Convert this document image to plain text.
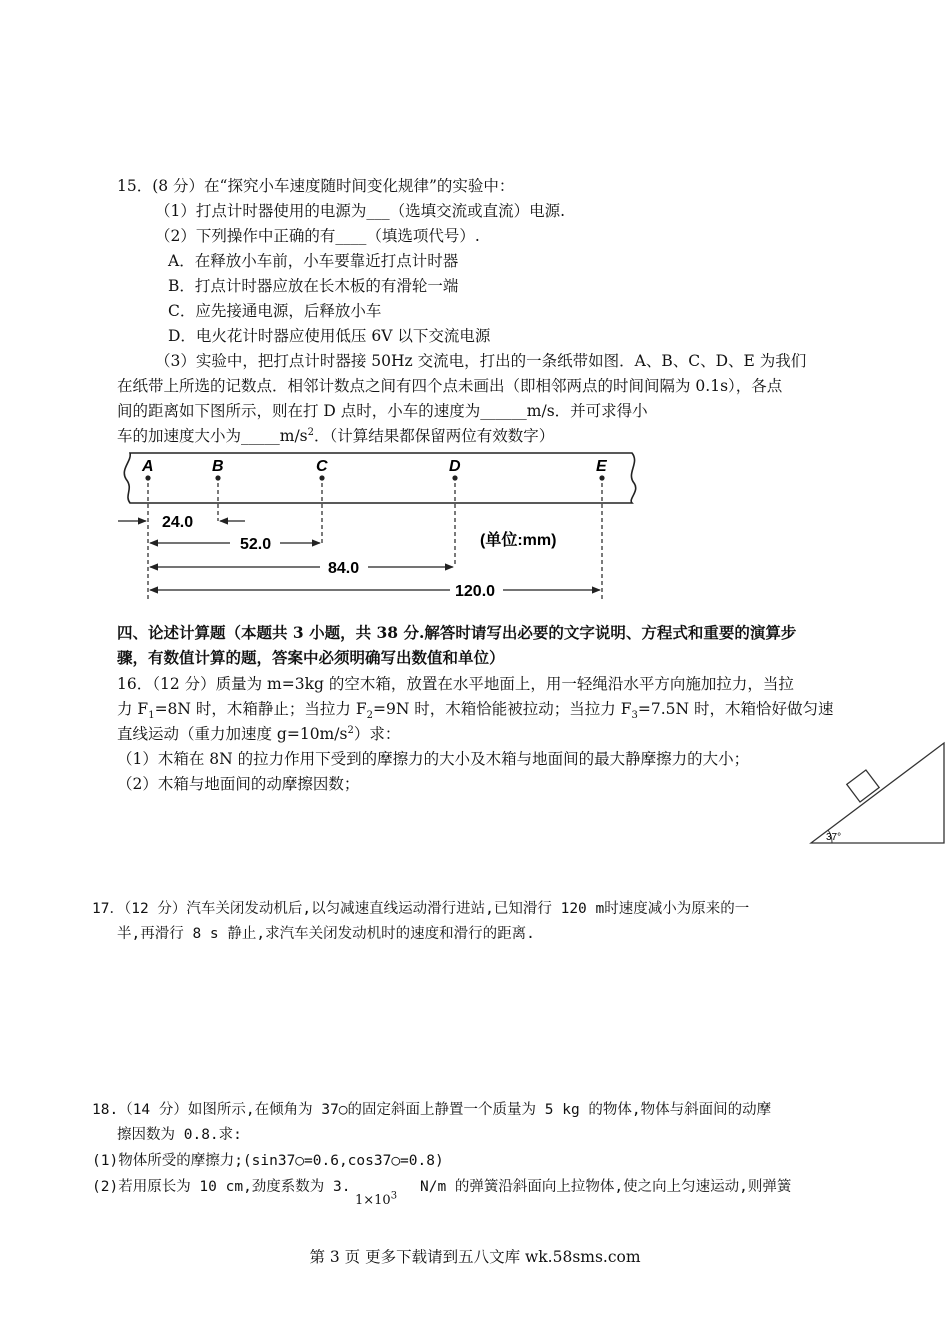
15．(8 分）在“探究小车速度随时间变化规律”的实验中：
（1）打点计时器使用的电源为___（选填交流或直流）电源.
（2）下列操作中正确的有____（填选项代号）.
A．在释放小车前，小车要靠近打点计时器
B．打点计时器应放在长木板的有滑轮一端
C．应先接通电源，后释放小车
D．电火花计时器应使用低压 6V 以下交流电源
（3）实验中，把打点计时器接 50Hz 交流电，打出的一条纸带如图．A、B、C、D、E 为我们
在纸带上所选的记数点．相邻计数点之间有四个点未画出（即相邻两点的时间间隔为 0.1s），各点
间的距离如下图所示，则在打 D 点时，小车的速度为______m/s．并可求得小
车的加速度大小为$\_\_\_\_\_m/s^2$．（计算结果都保留两位有效数字）
A	B	C	D	E
24.0
52.0
84.0
120.0
(单位:mm)
四、论述计算题（本题共 3 小题，共 38 分.解答时请写出必要的文字说明、方程式和重要的演算步
骤，有数值计算的题，答案中必须明确写出数值和单位）
16．（12 分）质量为 m=3kg 的空木箱，放置在水平地面上，用一轻绳沿水平方向施加拉力，当拉
力 $F_1=8N$ 时，木箱静止；当拉力 $F_2=9N$ 时，木箱恰能被拉动；当拉力 $F_3=7.5N$ 时，木箱恰好做匀速
直线运动（重力加速度 $g=10m/s^2$）求：
（1）木箱在 8N 的拉力作用下受到的摩擦力的大小及木箱与地面间的最大静摩擦力的大小；
（2）木箱与地面间的动摩擦因数；
37°
17．（12 分）汽车关闭发动机后,以匀减速直线运动滑行进站,已知滑行 120 m时速度减小为原来的一
半,再滑行 8 s 静止,求汽车关闭发动机时的速度和滑行的距离.
18.（14 分）如图所示,在倾角为 37○的固定斜面上静置一个质量为 5 kg 的物体,物体与斜面间的动摩
擦因数为 0.8.求:
(1)物体所受的摩擦力;(sin37○=0.6,cos37○=0.8)
(2)若用原长为 10 cm,劲度系数为 3.
$1\times 10^3$
N/m 的弹簧沿斜面向上拉物体,使之向上匀速运动,则弹簧
第 3 页 更多下载请到五八文库 wk.58sms.com
